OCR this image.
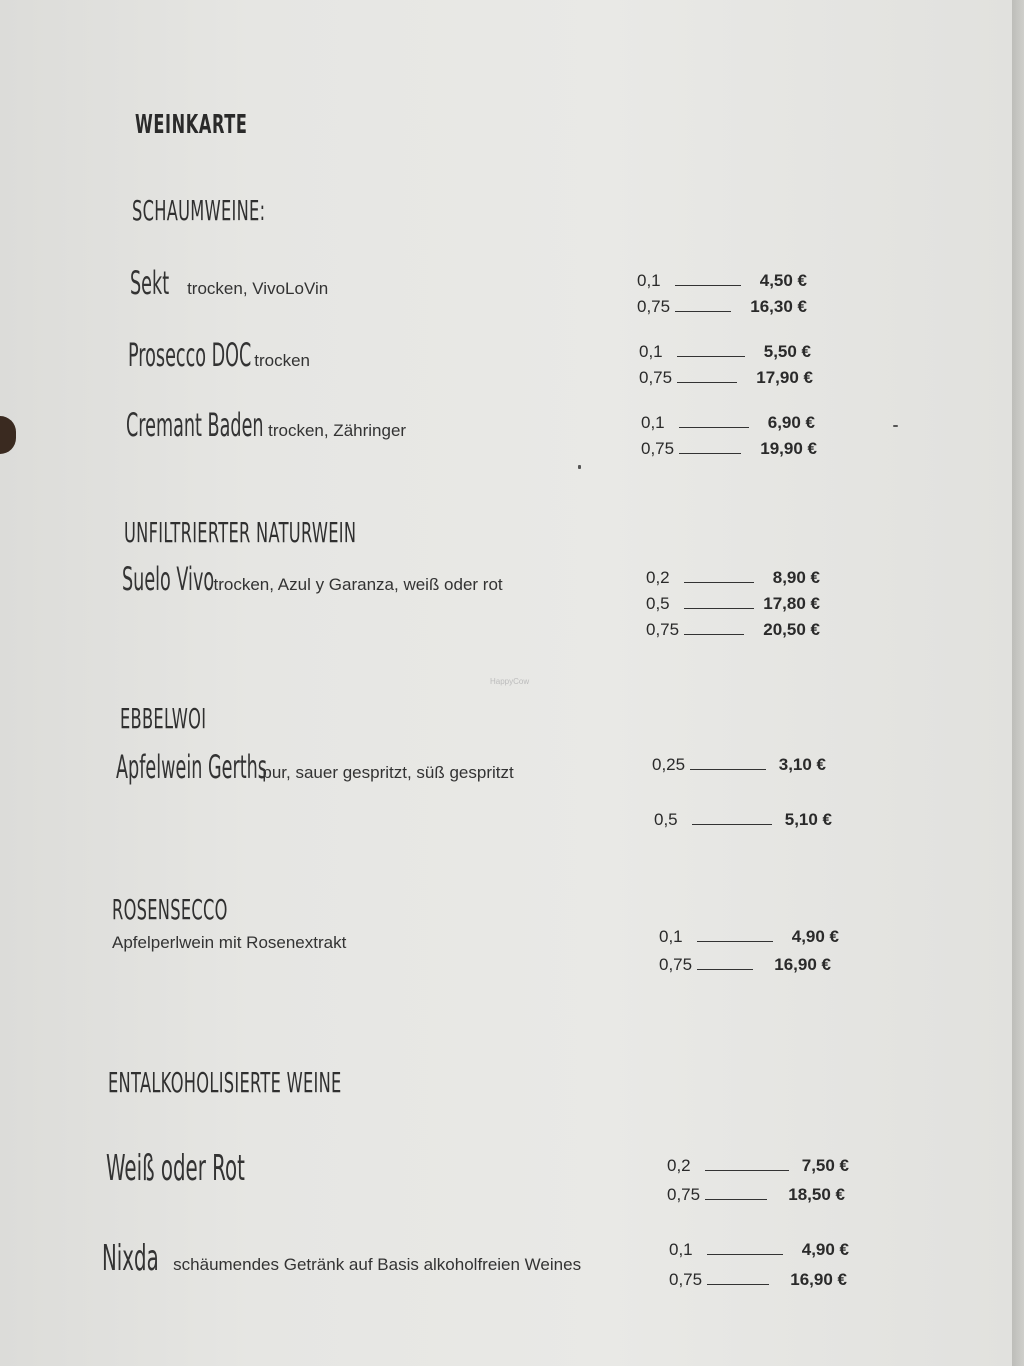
WEINKARTE
SCHAUMWEINE:
Sekt trocken, VivoLoVin	0,1	4,50 €
0,75	16,30 €
Prosecco DOC trocken	0,1	5,50 €
0,75	17,90 €
Cremant Baden trocken, Zähringer	0,1	6,90 €
0,75	19,90 €
UNFILTRIERTER NATURWEIN
Suelo Vivotrocken, Azul y Garanza, weiß oder rot	0,2	8,90 €
0,5	17,80 €
0,75	20,50 €
HappyCow
EBBELWOI
Apfelwein Gerthspur, sauer gespritzt, süß gespritzt	0,25	3,10 €
0,5	5,10 €
ROSENSECCO
Apfelperlwein mit Rosenextrakt	0,1	4,90 €
0,75	16,90 €
ENTALKOHOLISIERTE WEINE
Weiß oder Rot	0,2	7,50 €
0,75	18,50 €
Nixda schäumendes Getränk auf Basis alkoholfreien Weines
0,1	4,90 €
0,75	16,90 €
